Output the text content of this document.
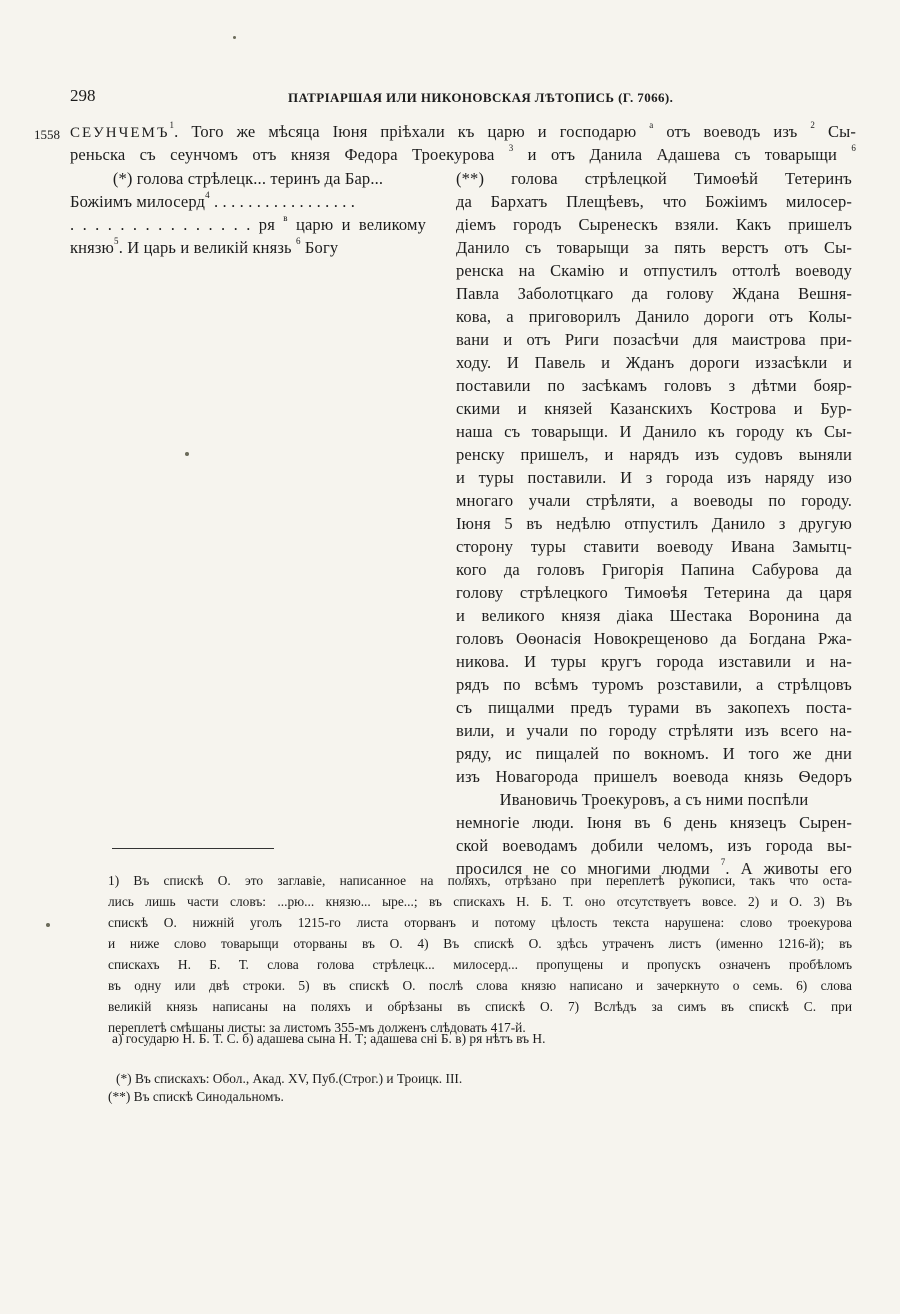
298	ПАТРІАРШАЯ ИЛИ НИКОНОВСКАЯ ЛѢТОПИСЬ (Г. 7066).
1558 СЕУНЧЕМЪ$^1$. Того же мѣсяца Іюня пріѣхали къ царю и господарю $^а$ отъ воеводъ изъ $^2$ Сы-
реньска съ сеунчомъ отъ князя Федора Троекурова $^3$ и отъ Данила Адашева съ товарыщи $^6$
(*) голова стрѣлецк... теринъ да Бар...
Божіимъ милосерд$^4$ . . . . . . . . . . . . . . . . .
. . . . . . . . . . . . . . . ря $^в$ царю и великому
князю$^5$. И царь и великій князь $^6$ Богу
(**) голова стрѣлецкой Тимоѳѣй Тетеринъ
да Бархатъ Плещѣевъ, что Божіимъ милосер-
діемъ городъ Сыренескъ взяли. Какъ пришелъ
Данило съ товарыщи за пять верстъ отъ Сы-
ренска на Скамію и отпустилъ оттолѣ воеводу
Павла Заболотцкаго да голову Ждана Вешня-
кова, а приговорилъ Данило дороги отъ Колы-
вани и отъ Риги позасѣчи для маистрова при-
ходу. И Павель и Жданъ дороги иззасѣкли и
поставили по засѣкамъ головъ з дѣтми бояр-
скими и князей Казанскихъ Кострова и Бур-
наша съ товарыщи. И Данило къ городу къ Сы-
ренску пришелъ, и нарядъ изъ судовъ выняли
и туры поставили. И з города изъ наряду изо
многаго учали стрѣляти, а воеводы по городу.
Іюня 5 въ недѣлю отпустилъ Данило з другую
сторону туры ставити воеводу Ивана Замытц-
кого да головъ Григорія Папина Сабурова да
голову стрѣлецкого Тимоѳѣя Тетерина да царя
и великого князя діака Шестака Воронина да
головъ Оѳонасія Новокрещеново да Богдана Ржа-
никова. И туры кругъ города изставили и на-
рядъ по всѣмъ туромъ розставили, а стрѣлцовъ
съ пищалми предъ турами въ закопехъ поста-
вили, и учали по городу стрѣляти изъ всего на-
ряду, ис пищалей по вокномъ. И того же дни
изъ Новагорода пришелъ воевода князь Ѳедоръ
Ивановичь Троекуровъ, а съ ними поспѣли
немногіе люди. Іюня въ 6 день князецъ Сырен-
ской воеводамъ добили челомъ, изъ города вы-
просился не со многими людми $^7$. А животы его
1) Въ спискѣ О. это заглавіе, написанное на поляхъ, отрѣзано при переплетѣ рукописи, такъ что оста-
лись лишь части словъ: ...рю... князю... ыре...; въ спискахъ Н. Б. Т. оно отсутствуетъ вовсе. 2) и О. 3) Въ
спискѣ О. нижній уголъ 1215-го листа оторванъ и потому цѣлость текста нарушена: слово троекурова
и ниже слово товарыщи оторваны въ О. 4) Въ спискѣ О. здѣсь утраченъ листъ (именно 1216-й); въ
спискахъ Н. Б. Т. слова голова стрѣлецк... милосерд... пропущены и пропускъ означенъ пробѣломъ
въ одну или двѣ строки. 5) въ спискѣ О. послѣ слова князю написано и зачеркнуто о семь. 6) слова
великій князь написаны на поляхъ и обрѣзаны въ спискѣ О. 7) Вслѣдъ за симъ въ спискѣ С. при
переплетѣ смѣшаны листы: за листомъ 355-мъ долженъ слѣдовать 417-й.
а) государю Н. Б. Т. С. б) адашева сына Н. Т; адашева снi Б. в) ря нѣтъ въ Н.
(*) Въ спискахъ: Обол., Акад. XV, Пуб.(Строг.) и Троицк. III.
(**) Въ спискѣ Синодальномъ.
